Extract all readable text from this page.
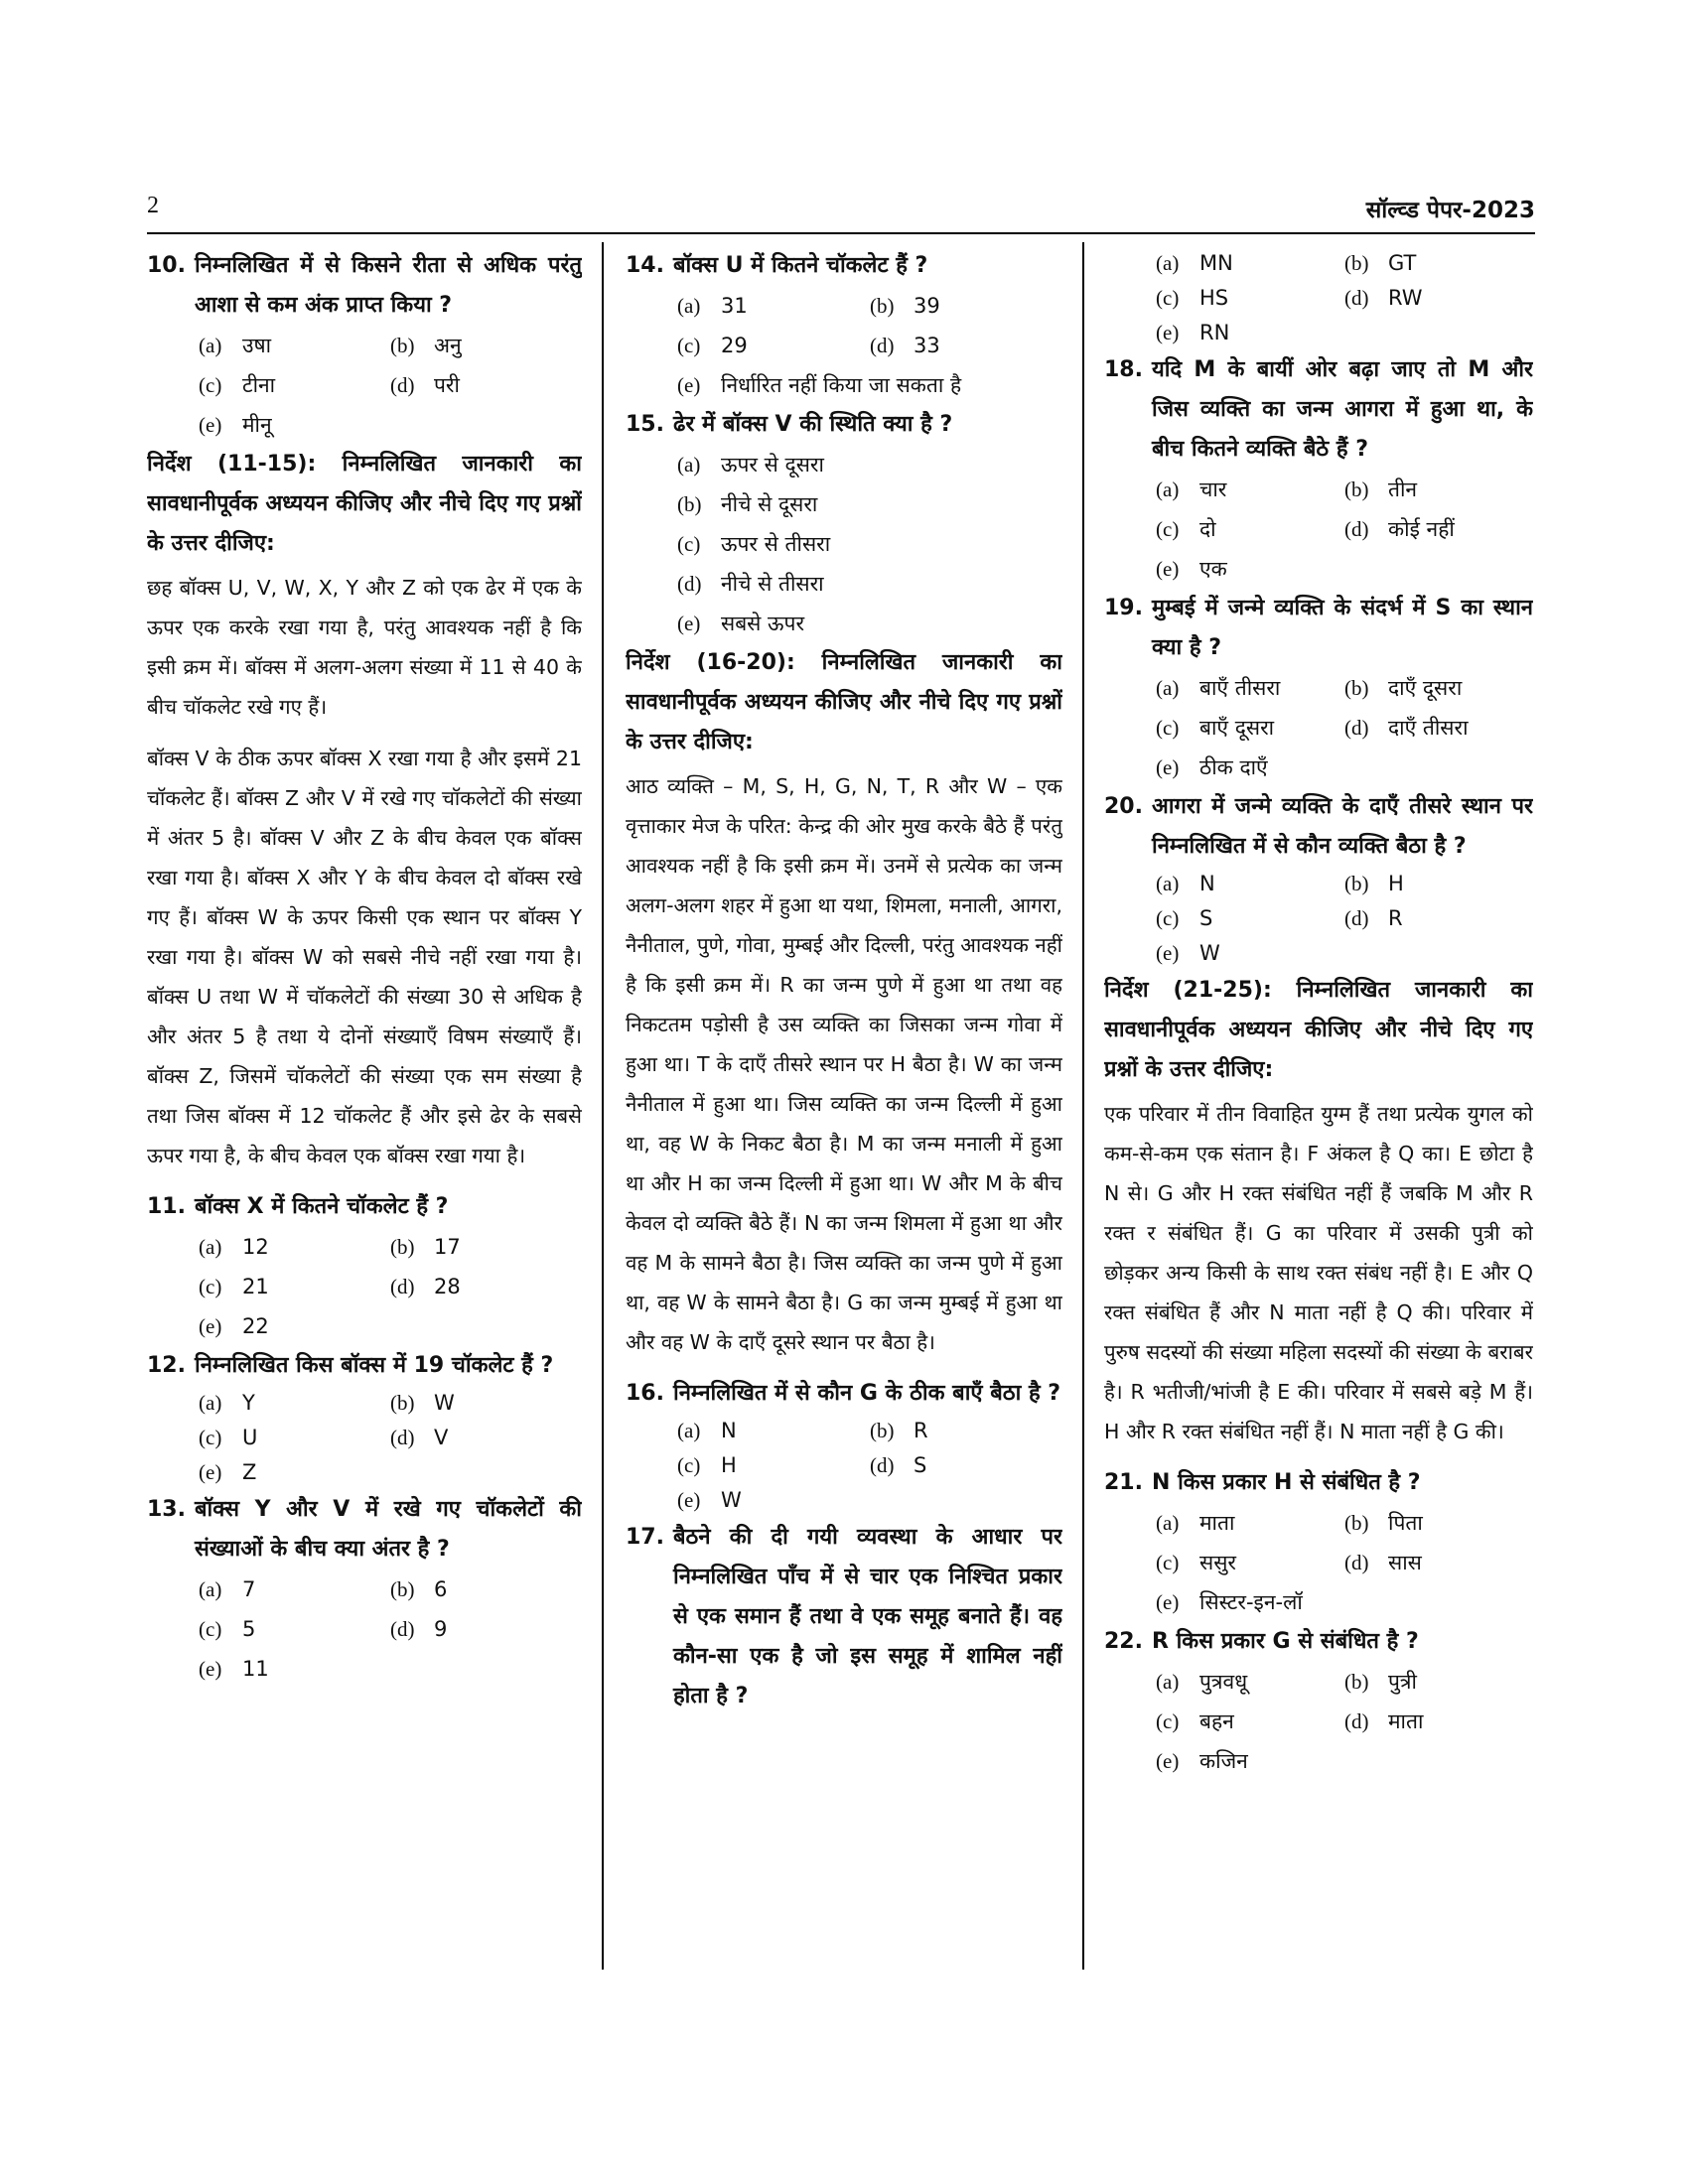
2	सॉल्व्ड पेपर-2023
10. निम्नलिखित में से किसने रीता से अधिक परंतु आशा से कम अंक प्राप्त किया ?
(a) उषा	(b) अनु
(c) टीना	(d) परी
(e) मीनू

निर्देश (11-15): निम्नलिखित जानकारी का सावधानीपूर्वक अध्ययन कीजिए और नीचे दिए गए प्रश्नों के उत्तर दीजिए:

छह बॉक्स U, V, W, X, Y और Z को एक ढेर में एक के ऊपर एक करके रखा गया है, परंतु आवश्यक नहीं है कि इसी क्रम में। बॉक्स में अलग-अलग संख्या में 11 से 40 के बीच चॉकलेट रखे गए हैं।

बॉक्स V के ठीक ऊपर बॉक्स X रखा गया है और इसमें 21 चॉकलेट हैं। बॉक्स Z और V में रखे गए चॉकलेटों की संख्या में अंतर 5 है। बॉक्स V और Z के बीच केवल एक बॉक्स रखा गया है। बॉक्स X और Y के बीच केवल दो बॉक्स रखे गए हैं। बॉक्स W के ऊपर किसी एक स्थान पर बॉक्स Y रखा गया है। बॉक्स W को सबसे नीचे नहीं रखा गया है। बॉक्स U तथा W में चॉकलेटों की संख्या 30 से अधिक है और अंतर 5 है तथा ये दोनों संख्याएँ विषम संख्याएँ हैं। बॉक्स Z, जिसमें चॉकलेटों की संख्या एक सम संख्या है तथा जिस बॉक्स में 12 चॉकलेट हैं और इसे ढेर के सबसे ऊपर गया है, के बीच केवल एक बॉक्स रखा गया है।

11. बॉक्स X में कितने चॉकलेट हैं ?
(a) 12	(b) 17
(c) 21	(d) 28
(e) 22
12. निम्नलिखित किस बॉक्स में 19 चॉकलेट हैं ?
(a) Y	(b) W
(c) U	(d) V
(e) Z
13. बॉक्स Y और V में रखे गए चॉकलेटों की संख्याओं के बीच क्या अंतर है ?
(a) 7	(b) 6
(c) 5	(d) 9
(e) 11
14. बॉक्स U में कितने चॉकलेट हैं ?
(a) 31	(b) 39
(c) 29	(d) 33
(e) निर्धारित नहीं किया जा सकता है
15. ढेर में बॉक्स V की स्थिति क्या है ?
(a) ऊपर से दूसरा
(b) नीचे से दूसरा
(c) ऊपर से तीसरा
(d) नीचे से तीसरा
(e) सबसे ऊपर

निर्देश (16-20): निम्नलिखित जानकारी का सावधानीपूर्वक अध्ययन कीजिए और नीचे दिए गए प्रश्नों के उत्तर दीजिए:

आठ व्यक्ति – M, S, H, G, N, T, R और W – एक वृत्ताकार मेज के परित: केन्द्र की ओर मुख करके बैठे हैं परंतु आवश्यक नहीं है कि इसी क्रम में। उनमें से प्रत्येक का जन्म अलग-अलग शहर में हुआ था यथा, शिमला, मनाली, आगरा, नैनीताल, पुणे, गोवा, मुम्बई और दिल्ली, परंतु आवश्यक नहीं है कि इसी क्रम में। R का जन्म पुणे में हुआ था तथा वह निकटतम पड़ोसी है उस व्यक्ति का जिसका जन्म गोवा में हुआ था। T के दाएँ तीसरे स्थान पर H बैठा है। W का जन्म नैनीताल में हुआ था। जिस व्यक्ति का जन्म दिल्ली में हुआ था, वह W के निकट बैठा है। M का जन्म मनाली में हुआ था और H का जन्म दिल्ली में हुआ था। W और M के बीच केवल दो व्यक्ति बैठे हैं। N का जन्म शिमला में हुआ था और वह M के सामने बैठा है। जिस व्यक्ति का जन्म पुणे में हुआ था, वह W के सामने बैठा है। G का जन्म मुम्बई में हुआ था और वह W के दाएँ दूसरे स्थान पर बैठा है।

16. निम्नलिखित में से कौन G के ठीक बाएँ बैठा है ?
(a) N	(b) R
(c) H	(d) S
(e) W
17. बैठने की दी गयी व्यवस्था के आधार पर निम्नलिखित पाँच में से चार एक निश्चित प्रकार से एक समान हैं तथा वे एक समूह बनाते हैं। वह कौन-सा एक है जो इस समूह में शामिल नहीं होता है ?
(a) MN	(b) GT
(c) HS	(d) RW
(e) RN
18. यदि M के बायीं ओर बढ़ा जाए तो M और जिस व्यक्ति का जन्म आगरा में हुआ था, के बीच कितने व्यक्ति बैठे हैं ?
(a) चार	(b) तीन
(c) दो	(d) कोई नहीं
(e) एक
19. मुम्बई में जन्मे व्यक्ति के संदर्भ में S का स्थान क्या है ?
(a) बाएँ तीसरा	(b) दाएँ दूसरा
(c) बाएँ दूसरा	(d) दाएँ तीसरा
(e) ठीक दाएँ
20. आगरा में जन्मे व्यक्ति के दाएँ तीसरे स्थान पर निम्नलिखित में से कौन व्यक्ति बैठा है ?
(a) N	(b) H
(c) S	(d) R
(e) W

निर्देश (21-25): निम्नलिखित जानकारी का सावधानीपूर्वक अध्ययन कीजिए और नीचे दिए गए प्रश्नों के उत्तर दीजिए:

एक परिवार में तीन विवाहित युग्म हैं तथा प्रत्येक युगल को कम-से-कम एक संतान है। F अंकल है Q का। E छोटा है N से। G और H रक्त संबंधित नहीं हैं जबकि M और R रक्त र संबंधित हैं। G का परिवार में उसकी पुत्री को छोड़कर अन्य किसी के साथ रक्त संबंध नहीं है। E और Q रक्त संबंधित हैं और N माता नहीं है Q की। परिवार में पुरुष सदस्यों की संख्या महिला सदस्यों की संख्या के बराबर है। R भतीजी/भांजी है E की। परिवार में सबसे बड़े M हैं। H और R रक्त संबंधित नहीं हैं। N माता नहीं है G की।

21. N किस प्रकार H से संबंधित है ?
(a) माता	(b) पिता
(c) ससुर	(d) सास
(e) सिस्टर-इन-लॉ
22. R किस प्रकार G से संबंधित है ?
(a) पुत्रवधू	(b) पुत्री
(c) बहन	(d) माता
(e) कजिन
